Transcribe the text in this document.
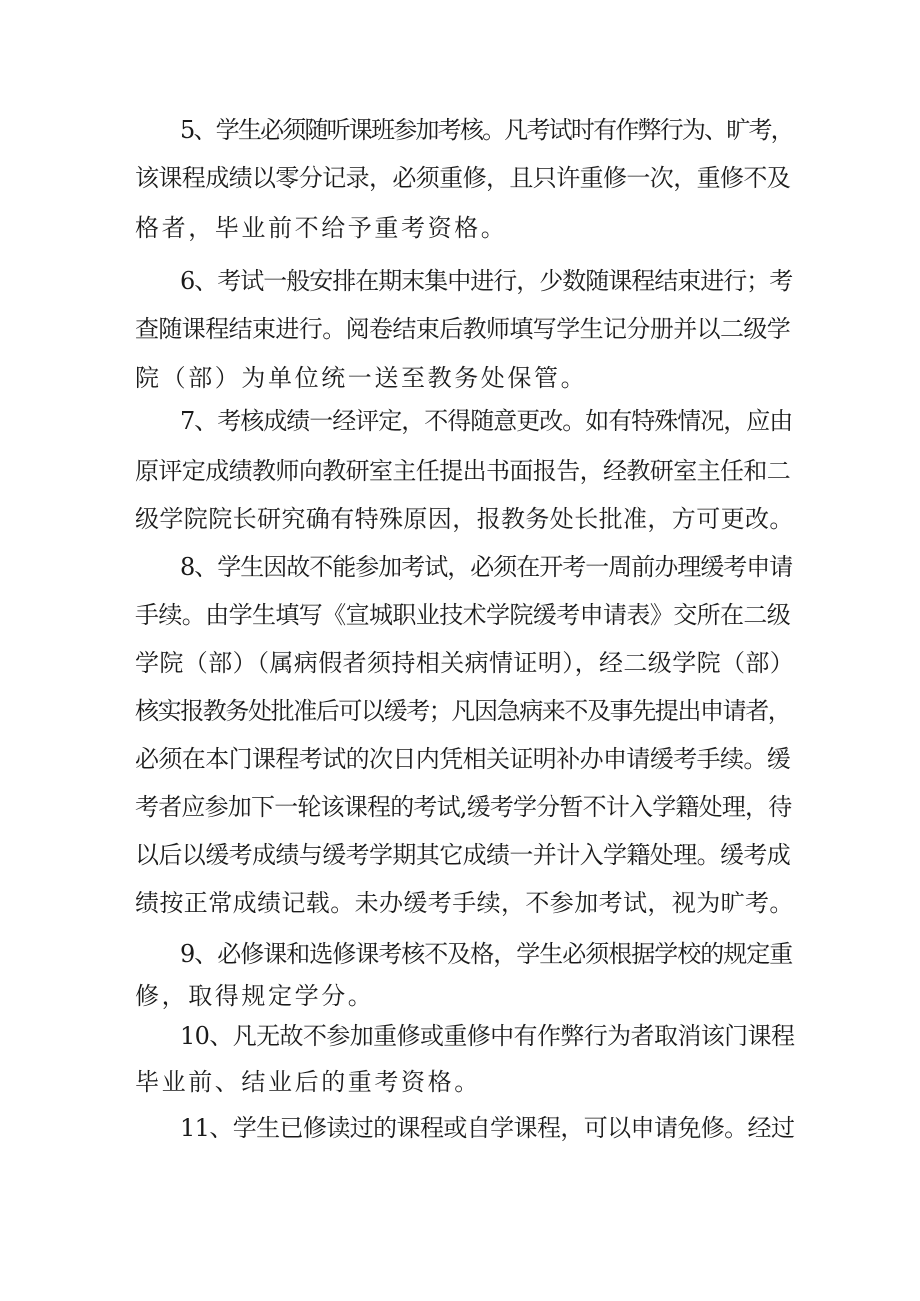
5、学生必须随听课班参加考核。凡考试时有作弊行为、旷考，

该课程成绩以零分记录，必须重修，且只许重修一次，重修不及

格者，毕业前不给予重考资格。

6、考试一般安排在期末集中进行，少数随课程结束进行；考

查随课程结束进行。阅卷结束后教师填写学生记分册并以二级学

院（部）为单位统一送至教务处保管。

7、考核成绩一经评定，不得随意更改。如有特殊情况，应由

原评定成绩教师向教研室主任提出书面报告，经教研室主任和二

级学院院长研究确有特殊原因，报教务处长批准，方可更改。

8、学生因故不能参加考试，必须在开考一周前办理缓考申请

手续。由学生填写《宣城职业技术学院缓考申请表》交所在二级

学院（部）（属病假者须持相关病情证明），经二级学院（部）

核实报教务处批准后可以缓考；凡因急病来不及事先提出申请者，

必须在本门课程考试的次日内凭相关证明补办申请缓考手续。缓

考者应参加下一轮该课程的考试,缓考学分暂不计入学籍处理，待

以后以缓考成绩与缓考学期其它成绩一并计入学籍处理。缓考成

绩按正常成绩记载。未办缓考手续，不参加考试，视为旷考。

9、必修课和选修课考核不及格，学生必须根据学校的规定重

修，取得规定学分。

10、凡无故不参加重修或重修中有作弊行为者取消该门课程

毕业前、结业后的重考资格。

11、学生已修读过的课程或自学课程，可以申请免修。经过
